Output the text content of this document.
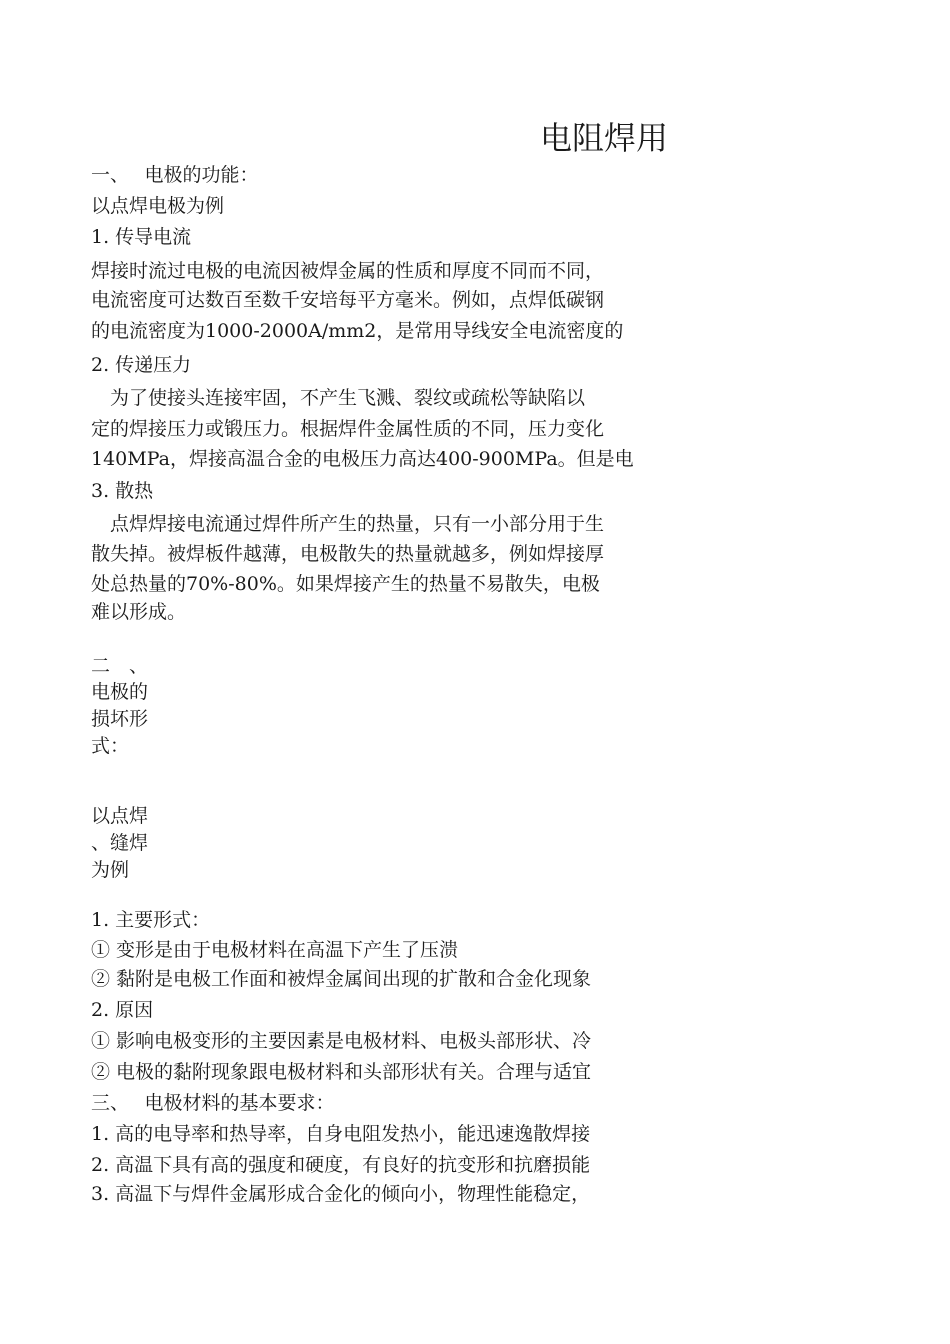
电阻焊用
一、　 电极的功能：
以点焊电极为例
1. 传导电流
焊接时流过电极的电流因被焊金属的性质和厚度不同而不同，
电流密度可达数百至数千安培每平方毫米。例如，点焊低碳钢
的电流密度为1000-2000A/mm2，是常用导线安全电流密度的
2. 传递压力
　为了使接头连接牢固，不产生飞溅、裂纹或疏松等缺陷以
定的焊接压力或锻压力。根据焊件金属性质的不同，压力变化
140MPa，焊接高温合金的电极压力高达400-900MPa。但是电
3. 散热
　点焊焊接电流通过焊件所产生的热量，只有一小部分用于生
散失掉。被焊板件越薄，电极散失的热量就越多，例如焊接厚
处总热量的70%-80%。如果焊接产生的热量不易散失，电极
难以形成。
二　、
电极的
损坏形
式：
以点焊
、缝焊
为例
1. 主要形式：
① 变形是由于电极材料在高温下产生了压溃
② 黏附是电极工作面和被焊金属间出现的扩散和合金化现象
2. 原因
① 影响电极变形的主要因素是电极材料、电极头部形状、冷
② 电极的黏附现象跟电极材料和头部形状有关。合理与适宜
三、　 电极材料的基本要求：
1. 高的电导率和热导率，自身电阻发热小，能迅速逸散焊接
2. 高温下具有高的强度和硬度，有良好的抗变形和抗磨损能
3. 高温下与焊件金属形成合金化的倾向小，物理性能稳定，
